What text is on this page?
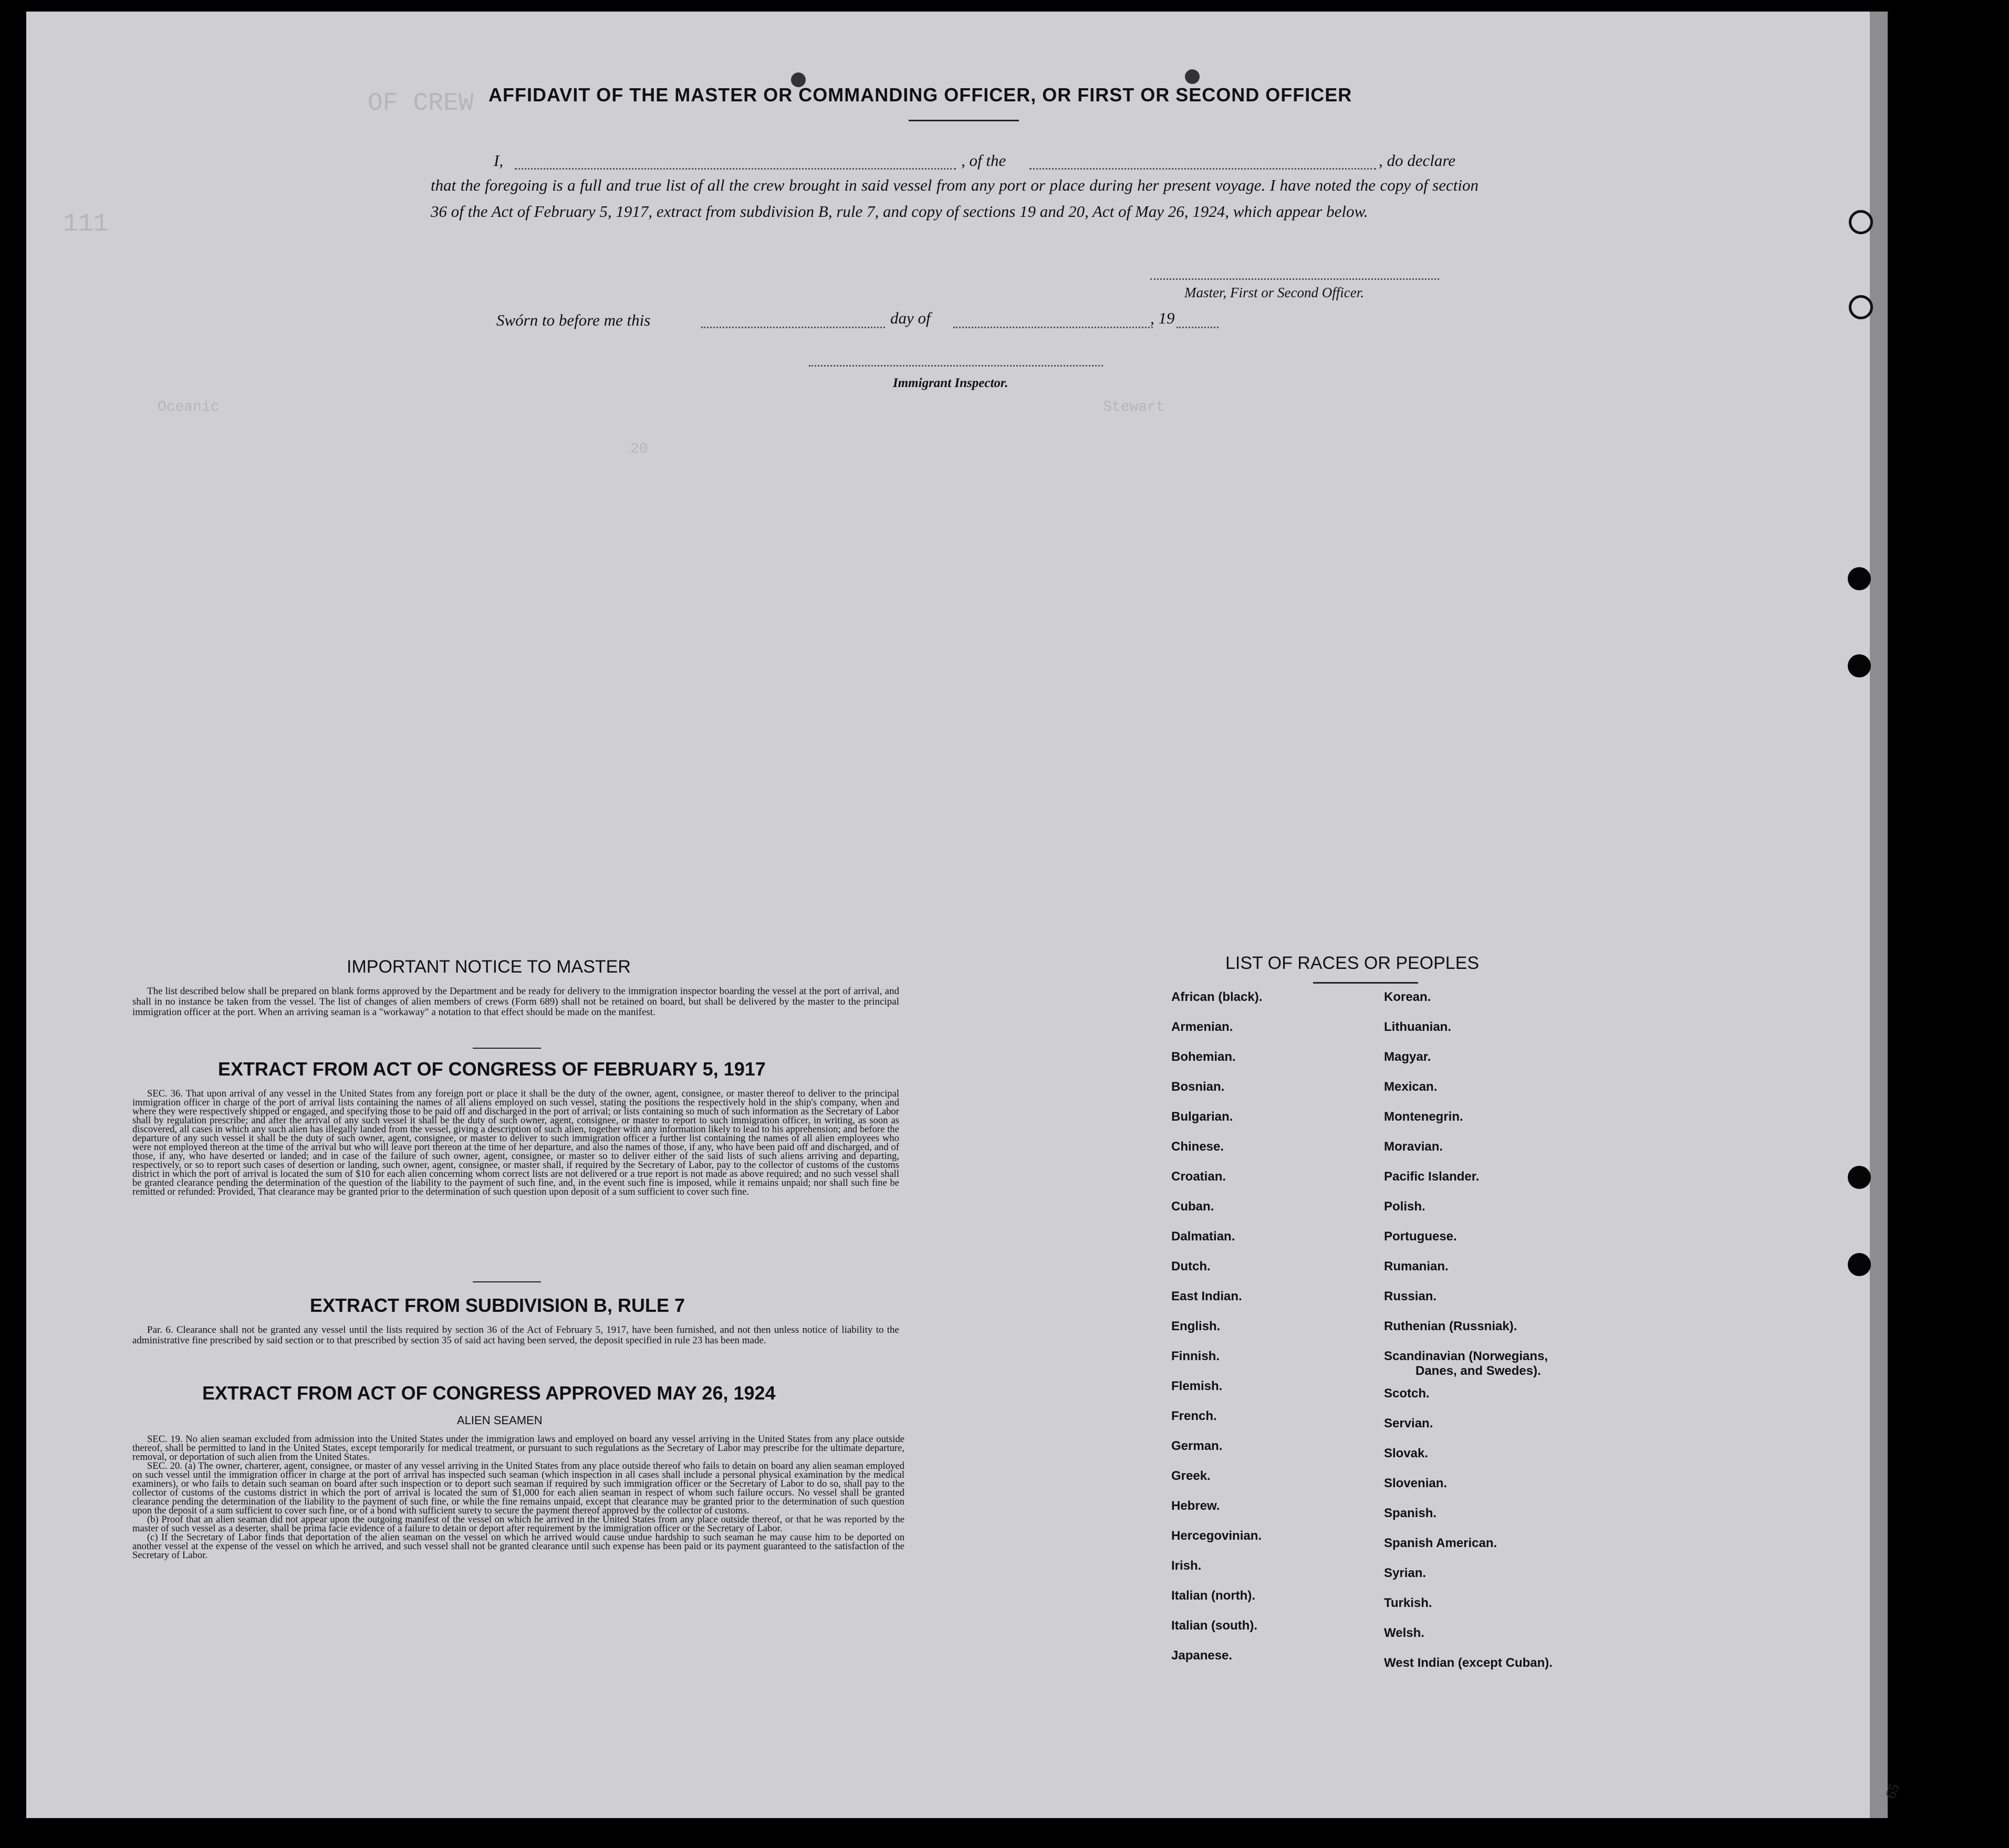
OF CREW
111
Oceanic
20
Stewart
AFFIDAVIT OF THE MASTER OR COMMANDING OFFICER, OR FIRST OR SECOND OFFICER
I,	, of the	, do declare
that the foregoing is a full and true list of all the crew brought in said vessel from any port or place during her present voyage. I have noted the copy of section 36 of the Act of February 5, 1917, extract from subdivision B, rule 7, and copy of sections 19 and 20, Act of May 26, 1924, which appear below.
Master, First or Second Officer.
Swórn to before me this	day of	, 19
Immigrant Inspector.
IMPORTANT NOTICE TO MASTER

The list described below shall be prepared on blank forms approved by the Department and be ready for delivery to the immigration inspector boarding the vessel at the port of arrival, and shall in no instance be taken from the vessel. The list of changes of alien members of crews (Form 689) shall not be retained on board, but shall be delivered by the master to the principal immigration officer at the port. When an arriving seaman is a "workaway" a notation to that effect should be made on the manifest.

EXTRACT FROM ACT OF CONGRESS OF FEBRUARY 5, 1917

SEC. 36. That upon arrival of any vessel in the United States from any foreign port or place it shall be the duty of the owner, agent, consignee, or master thereof to deliver to the principal immigration officer in charge of the port of arrival lists containing the names of all aliens employed on such vessel, stating the positions the respectively hold in the ship's company, when and where they were respectively shipped or engaged, and specifying those to be paid off and discharged in the port of arrival; or lists containing so much of such information as the Secretary of Labor shall by regulation prescribe; and after the arrival of any such vessel it shall be the duty of such owner, agent, consignee, or master to report to such immigration officer, in writing, as soon as discovered, all cases in which any such alien has illegally landed from the vessel, giving a description of such alien, together with any information likely to lead to his apprehension; and before the departure of any such vessel it shall be the duty of such owner, agent, consignee, or master to deliver to such immigration officer a further list containing the names of all alien employees who were not employed thereon at the time of the arrival but who will leave port thereon at the time of her departure, and also the names of those, if any, who have been paid off and discharged, and of those, if any, who have deserted or landed; and in case of the failure of such owner, agent, consignee, or master so to deliver either of the said lists of such aliens arriving and departing, respectively, or so to report such cases of desertion or landing, such owner, agent, consignee, or master shall, if required by the Secretary of Labor, pay to the collector of customs of the customs district in which the port of arrival is located the sum of $10 for each alien concerning whom correct lists are not delivered or a true report is not made as above required; and no such vessel shall be granted clearance pending the determination of the question of the liability to the payment of such fine, and, in the event such fine is imposed, while it remains unpaid; nor shall such fine be remitted or refunded: Provided, That clearance may be granted prior to the determination of such question upon deposit of a sum sufficient to cover such fine.

EXTRACT FROM SUBDIVISION B, RULE 7

Par. 6. Clearance shall not be granted any vessel until the lists required by section 36 of the Act of February 5, 1917, have been furnished, and not then unless notice of liability to the administrative fine prescribed by said section or to that prescribed by section 35 of said act having been served, the deposit specified in rule 23 has been made.

EXTRACT FROM ACT OF CONGRESS APPROVED MAY 26, 1924
ALIEN SEAMEN

SEC. 19. No alien seaman excluded from admission into the United States under the immigration laws and employed on board any vessel arriving in the United States from any place outside thereof, shall be permitted to land in the United States, except temporarily for medical treatment, or pursuant to such regulations as the Secretary of Labor may prescribe for the ultimate departure, removal, or deportation of such alien from the United States.

SEC. 20. (a) The owner, charterer, agent, consignee, or master of any vessel arriving in the United States from any place outside thereof who fails to detain on board any alien seaman employed on such vessel until the immigration officer in charge at the port of arrival has inspected such seaman (which inspection in all cases shall include a personal physical examination by the medical examiners), or who fails to detain such seaman on board after such inspection or to deport such seaman if required by such immigration officer or the Secretary of Labor to do so, shall pay to the collector of customs of the customs district in which the port of arrival is located the sum of $1,000 for each alien seaman in respect of whom such failure occurs. No vessel shall be granted clearance pending the determination of the liability to the payment of such fine, or while the fine remains unpaid, except that clearance may be granted prior to the determination of such question upon the deposit of a sum sufficient to cover such fine, or of a bond with sufficient surety to secure the payment thereof approved by the collector of customs.

(b) Proof that an alien seaman did not appear upon the outgoing manifest of the vessel on which he arrived in the United States from any place outside thereof, or that he was reported by the master of such vessel as a deserter, shall be prima facie evidence of a failure to detain or deport after requirement by the immigration officer or the Secretary of Labor.

(c) If the Secretary of Labor finds that deportation of the alien seaman on the vessel on which he arrived would cause undue hardship to such seaman he may cause him to be deported on another vessel at the expense of the vessel on which he arrived, and such vessel shall not be granted clearance until such expense has been paid or its payment guaranteed to the satisfaction of the Secretary of Labor.

LIST OF RACES OR PEOPLES
African (black).
Armenian.
Bohemian.
Bosnian.
Bulgarian.
Chinese.
Croatian.
Cuban.
Dalmatian.
Dutch.
East Indian.
English.
Finnish.
Flemish.
French.
German.
Greek.
Hebrew.
Hercegovinian.
Irish.
Italian (north).
Italian (south).
Japanese.
Korean.
Lithuanian.
Magyar.
Mexican.
Montenegrin.
Moravian.
Pacific Islander.
Polish.
Portuguese.
Rumanian.
Russian.
Ruthenian (Russniak).
Scandinavian (Norwegians,
Scotch.
Servian.
Slovak.
Slovenian.
Spanish.
Spanish American.
Syrian.
Turkish.
Welsh.
West Indian (except Cuban).
Danes, and Swedes).
65
